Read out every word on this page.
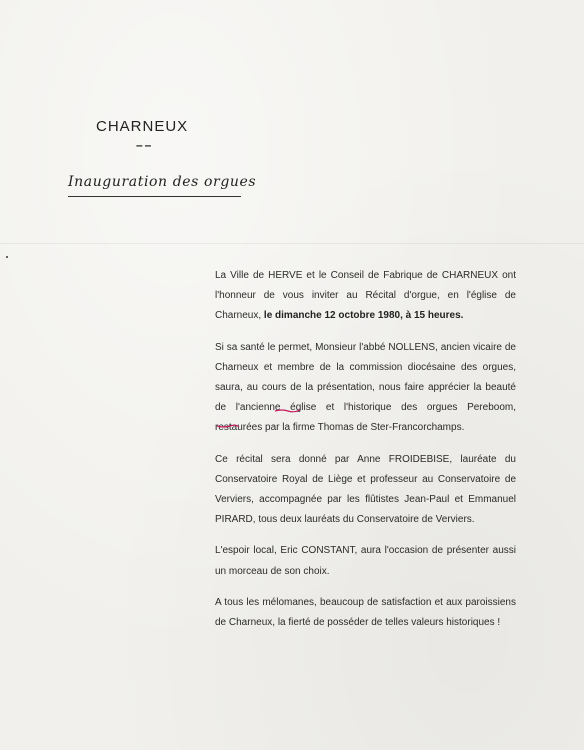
CHARNEUX
––
Inauguration des orgues

La Ville de HERVE et le Conseil de Fabrique de CHARNEUX ont l'honneur de vous inviter au Récital d'orgue, en l'église de Charneux, le dimanche 12 octobre 1980, à 15 heures.

Si sa santé le permet, Monsieur l'abbé NOLLENS, ancien vicaire de Charneux et membre de la commission diocésaine des orgues, saura, au cours de la présentation, nous faire apprécier la beauté de l'ancienne église et l'historique des orgues Pereboom, restaurées par la firme Thomas de Ster-Francorchamps.

Ce récital sera donné par Anne FROIDEBISE, lauréate du Conservatoire Royal de Liège et professeur au Conservatoire de Verviers, accompagnée par les flûtistes Jean-Paul et Emmanuel PIRARD, tous deux lauréats du Conservatoire de Verviers.

L'espoir local, Eric CONSTANT, aura l'occasion de présenter aussi un morceau de son choix.

A tous les mélomanes, beaucoup de satisfaction et aux paroissiens de Charneux, la fierté de posséder de telles valeurs historiques !
